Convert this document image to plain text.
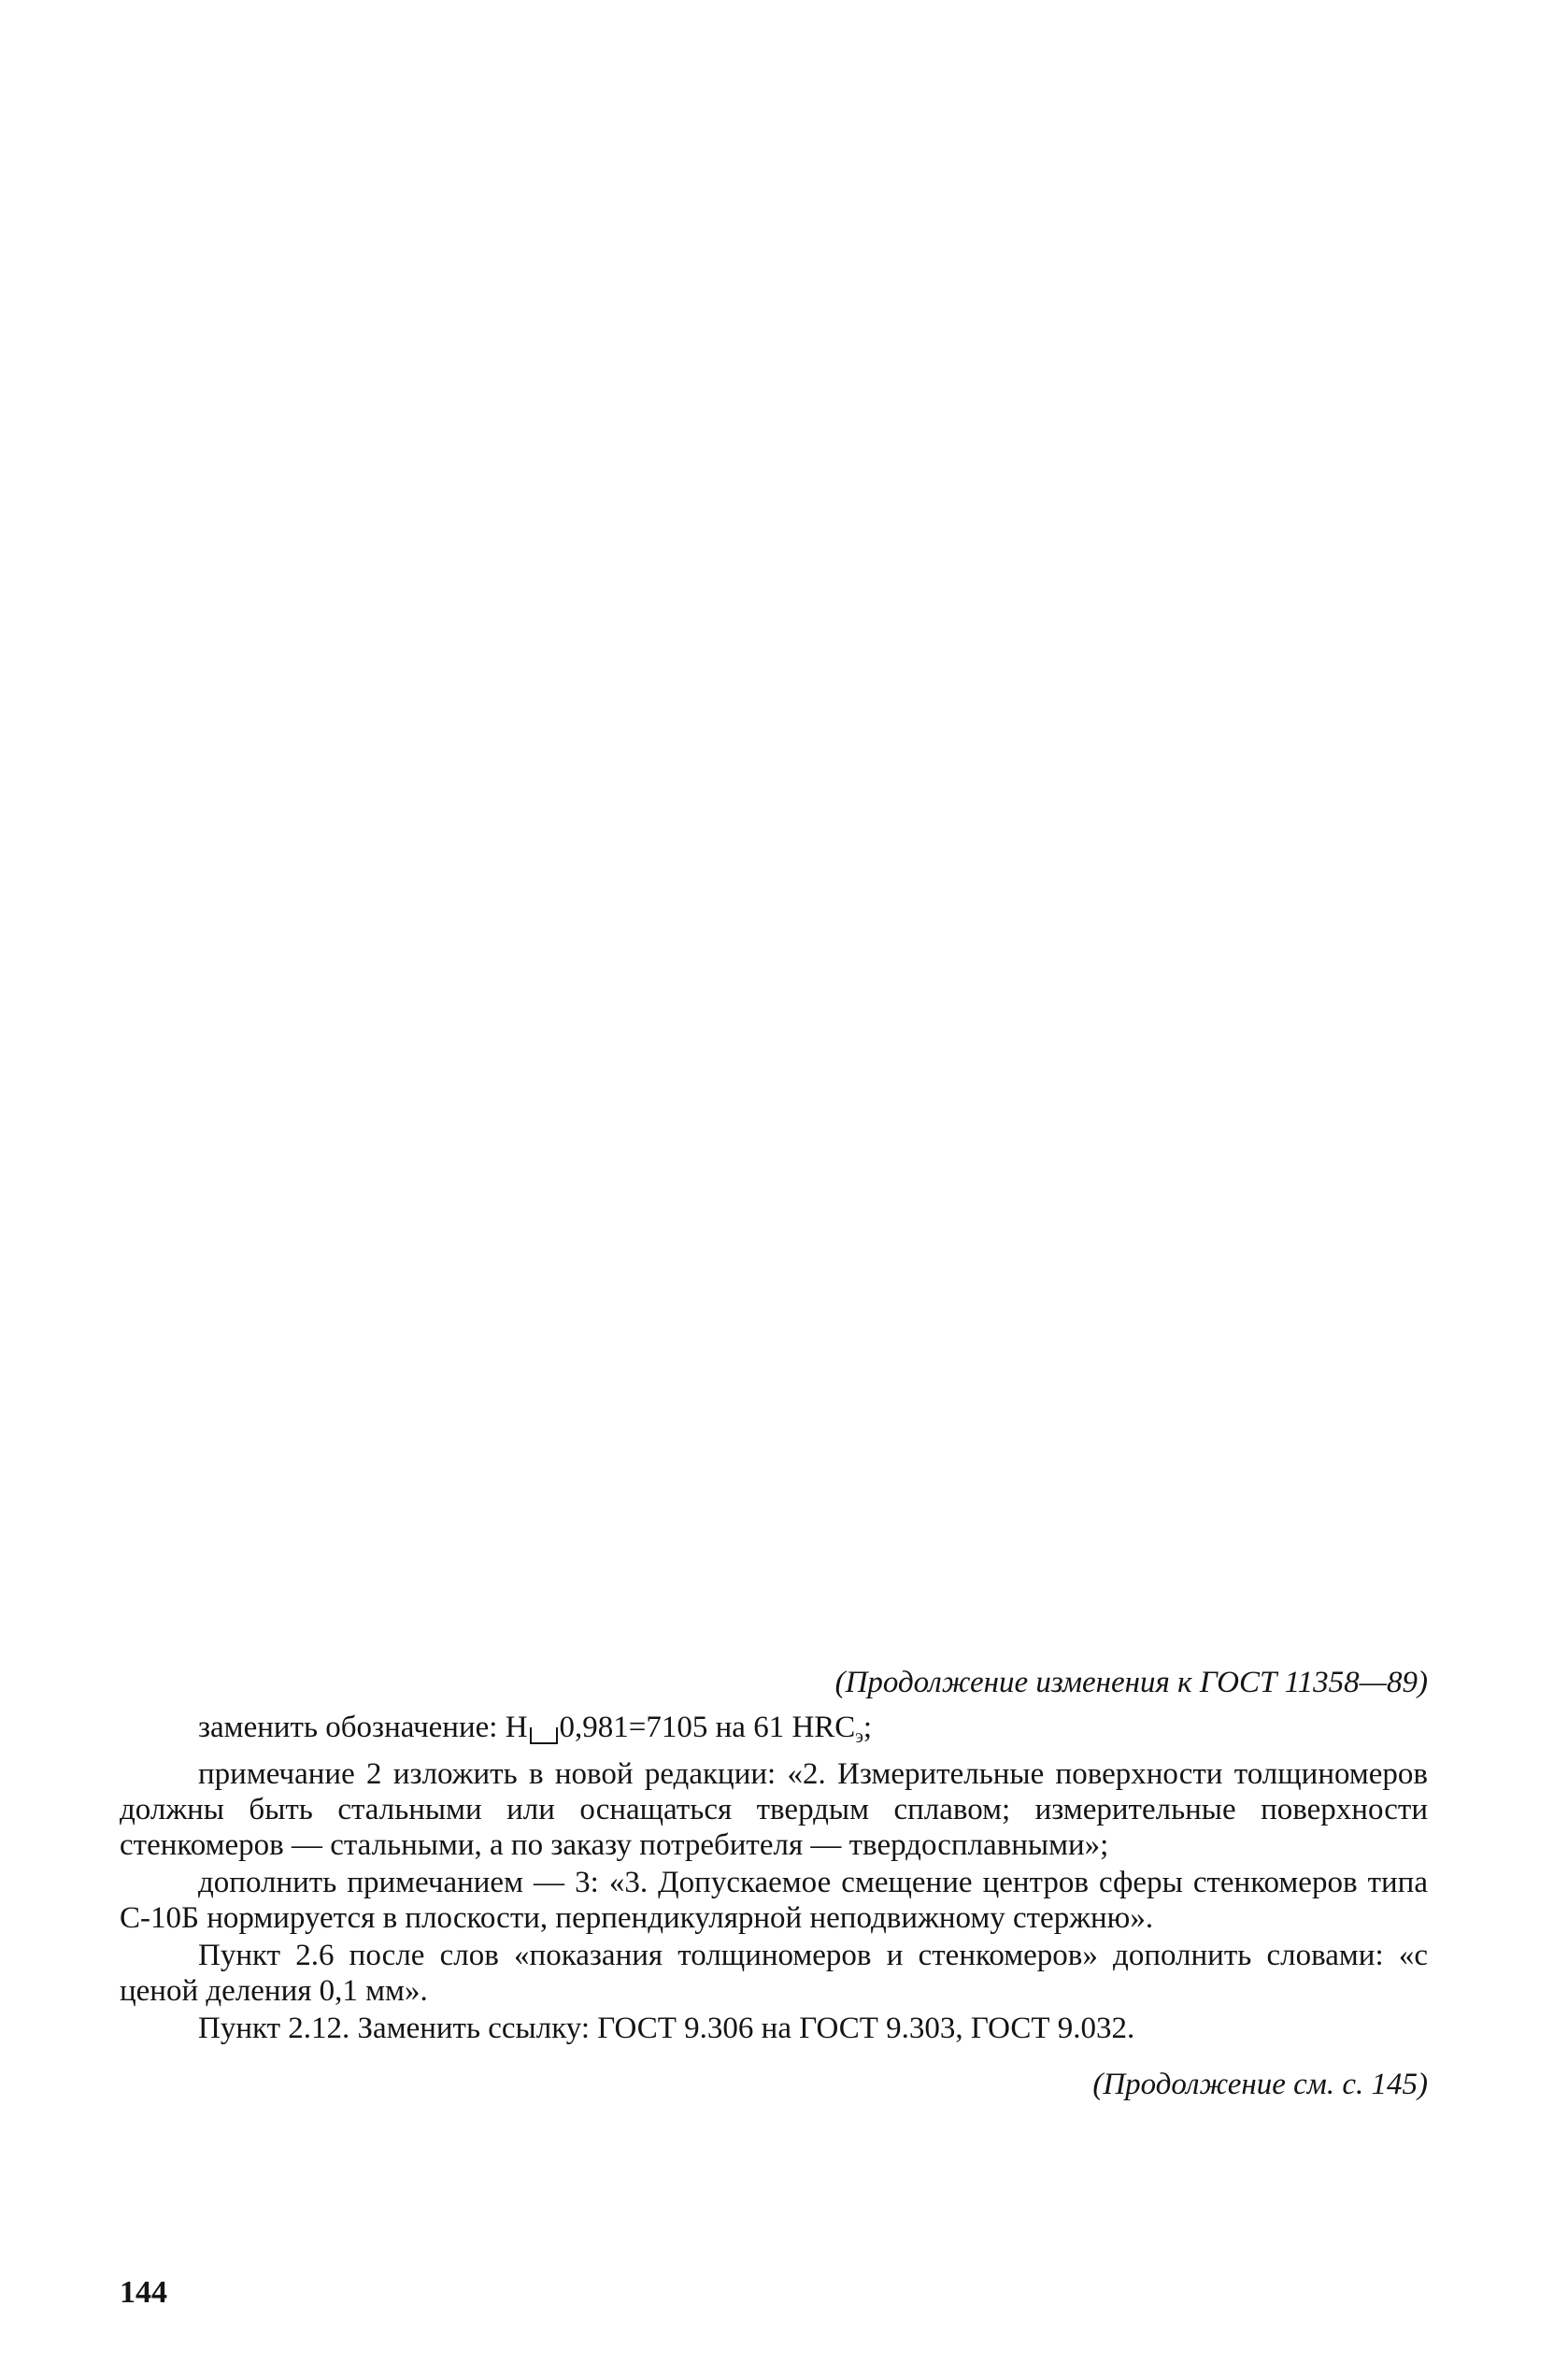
(Продолжение изменения к ГОСТ 11358—89)

заменить обозначение: H 0,981=7105 на 61 HRCэ;

примечание 2 изложить в новой редакции: «2. Измерительные поверхности толщиномеров должны быть стальными или оснащаться твердым сплавом; измерительные поверхности стенкомеров — стальными, а по заказу потребителя — твердосплавными»;

дополнить примечанием — 3: «3. Допускаемое смещение центров сферы стенкомеров типа С-10Б нормируется в плоскости, перпендикулярной неподвижному стержню».

Пункт 2.6 после слов «показания толщиномеров и стенкомеров» дополнить словами: «с ценой деления 0,1 мм».

Пункт 2.12. Заменить ссылку: ГОСТ 9.306 на ГОСТ 9.303, ГОСТ 9.032.

(Продолжение см. с. 145)
144
